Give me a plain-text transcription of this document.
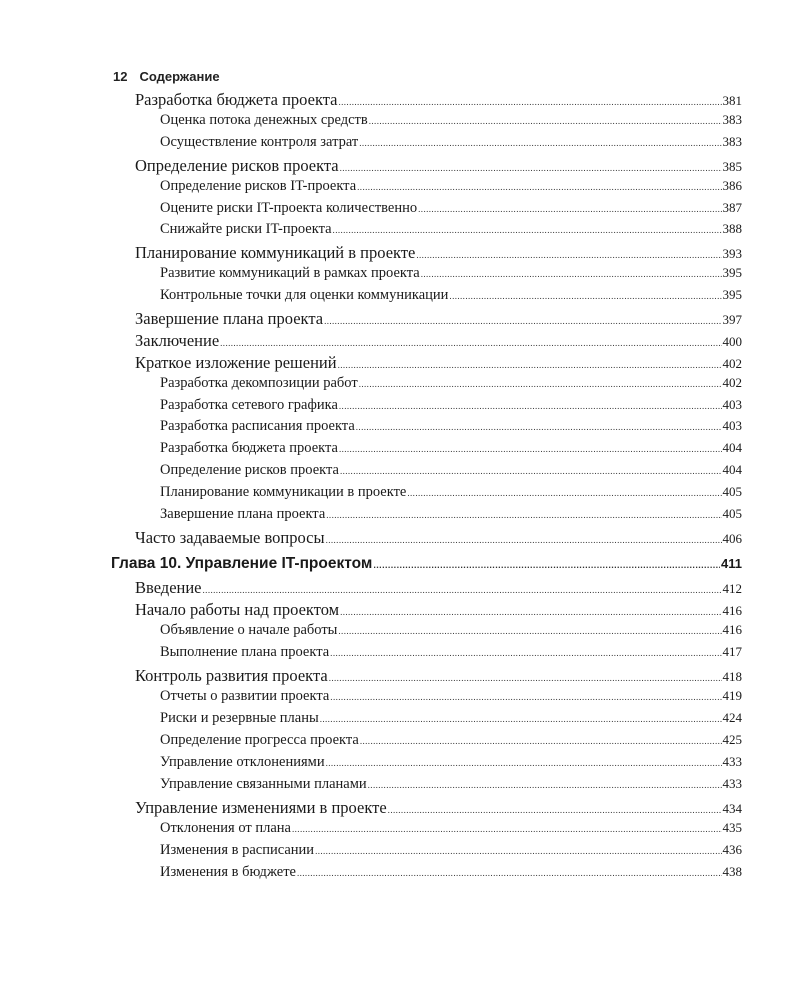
12 Содержание
Разработка бюджета проекта .....	381
Оценка потока денежных средств .....	383
Осуществление контроля затрат .....	383
Определение рисков проекта .....	385
Определение рисков IT-проекта .....	386
Оцените риски IT-проекта количественно .....	387
Снижайте риски IT-проекта .....	388
Планирование коммуникаций в проекте .....	393
Развитие коммуникаций в рамках проекта .....	395
Контрольные точки для оценки коммуникации .....	395
Завершение плана проекта .....	397
Заключение .....	400
Краткое изложение решений .....	402
Разработка декомпозиции работ .....	402
Разработка сетевого графика .....	403
Разработка расписания проекта .....	403
Разработка бюджета проекта .....	404
Определение рисков проекта .....	404
Планирование коммуникации в проекте .....	405
Завершение плана проекта .....	405
Часто задаваемые вопросы .....	406
Глава 10. Управление IT-проектом .....	411
Введение .....	412
Начало работы над проектом .....	416
Объявление о начале работы .....	416
Выполнение плана проекта .....	417
Контроль развития проекта .....	418
Отчеты о развитии проекта .....	419
Риски и резервные планы .....	424
Определение прогресса проекта .....	425
Управление отклонениями .....	433
Управление связанными планами .....	433
Управление изменениями в проекте .....	434
Отклонения от плана .....	435
Изменения в расписании .....	436
Изменения в бюджете .....	438
